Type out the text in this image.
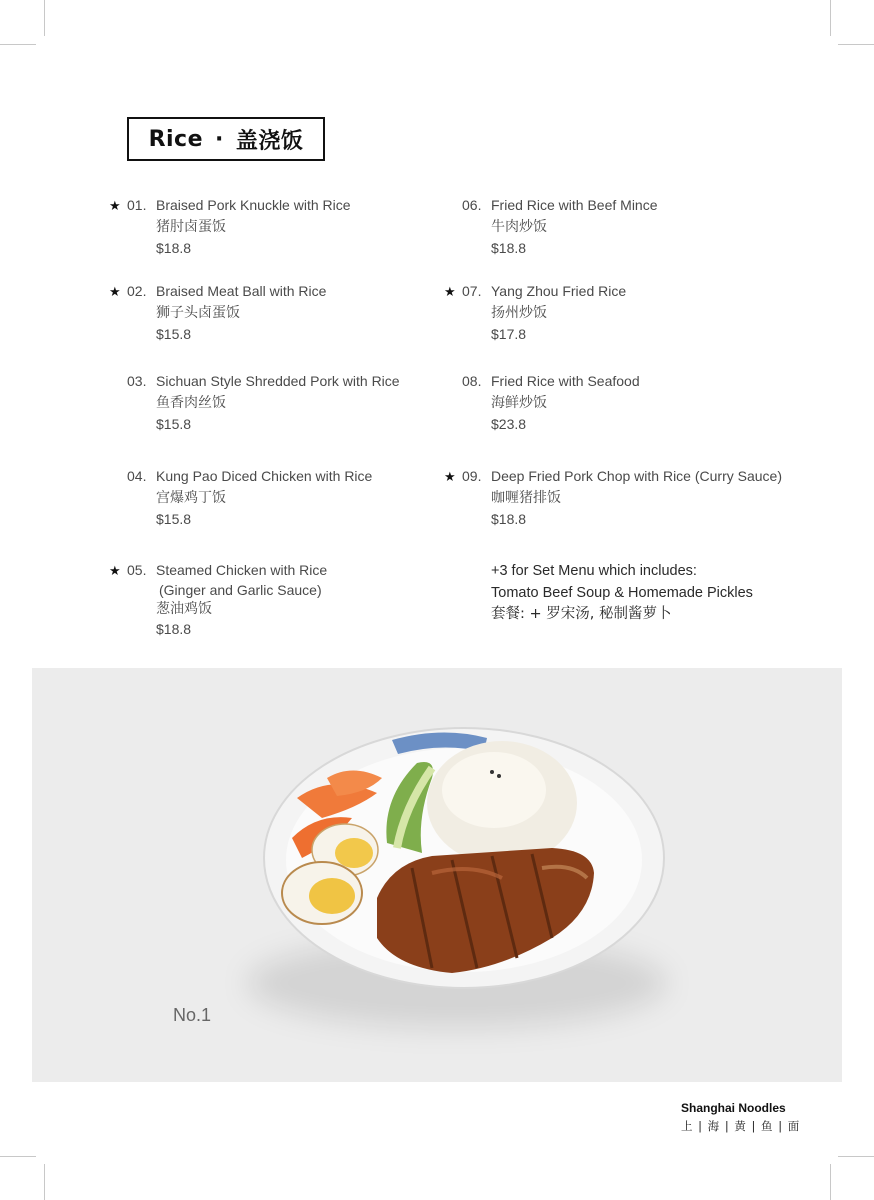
Rice · 盖浇饭
★ 01. Braised Pork Knuckle with Rice
猪肘卤蛋饭
$18.8
★ 02. Braised Meat Ball with Rice
狮子头卤蛋饭
$15.8
03. Sichuan Style Shredded Pork with Rice
鱼香肉丝饭
$15.8
04. Kung Pao Diced Chicken with Rice
宫爆鸡丁饭
$15.8
★ 05. Steamed Chicken with Rice
(Ginger and Garlic Sauce)
葱油鸡饭
$18.8
06. Fried Rice with Beef Mince
牛肉炒饭
$18.8
★ 07. Yang Zhou Fried Rice
扬州炒饭
$17.8
08. Fried Rice with Seafood
海鲜炒饭
$23.8
★ 09. Deep Fried Pork Chop with Rice (Curry Sauce)
咖喱猪排饭
$18.8
+3 for Set Menu which includes:
Tomato Beef Soup & Homemade Pickles
套餐: + 罗宋汤, 秘制酱萝卜
No.1
Shanghai Noodles
上 | 海 | 黄 | 鱼 | 面
